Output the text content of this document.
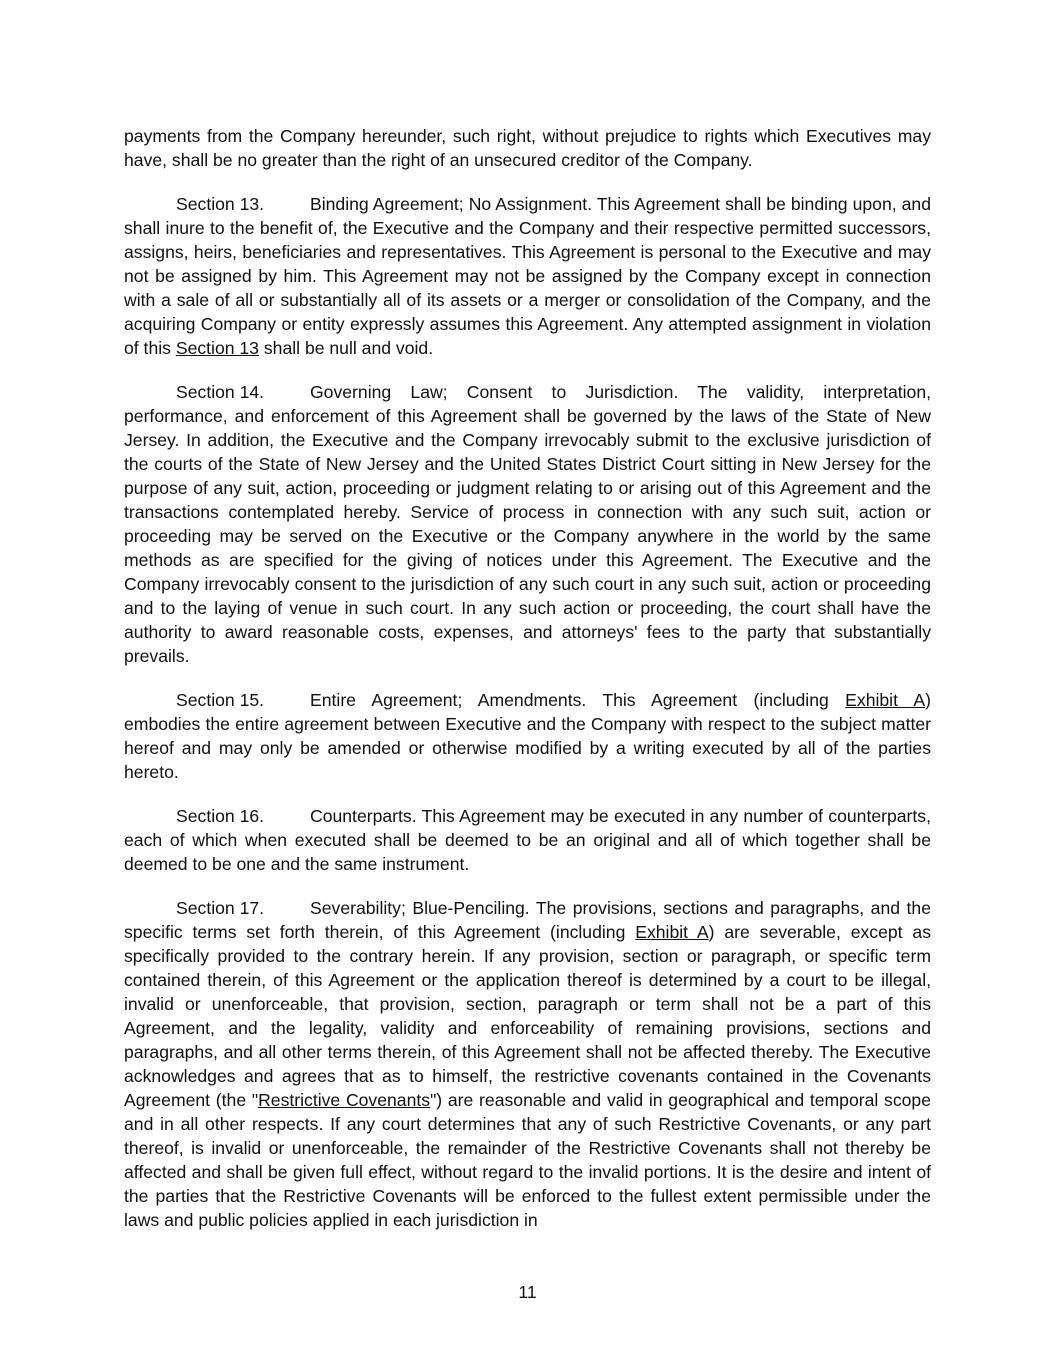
payments from the Company hereunder, such right, without prejudice to rights which Executives may have, shall be no greater than the right of an unsecured creditor of the Company.

Section 13.	Binding Agreement; No Assignment. This Agreement shall be binding upon, and shall inure to the benefit of, the Executive and the Company and their respective permitted successors, assigns, heirs, beneficiaries and representatives. This Agreement is personal to the Executive and may not be assigned by him. This Agreement may not be assigned by the Company except in connection with a sale of all or substantially all of its assets or a merger or consolidation of the Company, and the acquiring Company or entity expressly assumes this Agreement. Any attempted assignment in violation of this Section 13 shall be null and void.

Section 14.	Governing Law; Consent to Jurisdiction. The validity, interpretation, performance, and enforcement of this Agreement shall be governed by the laws of the State of New Jersey. In addition, the Executive and the Company irrevocably submit to the exclusive jurisdiction of the courts of the State of New Jersey and the United States District Court sitting in New Jersey for the purpose of any suit, action, proceeding or judgment relating to or arising out of this Agreement and the transactions contemplated hereby. Service of process in connection with any such suit, action or proceeding may be served on the Executive or the Company anywhere in the world by the same methods as are specified for the giving of notices under this Agreement. The Executive and the Company irrevocably consent to the jurisdiction of any such court in any such suit, action or proceeding and to the laying of venue in such court. In any such action or proceeding, the court shall have the authority to award reasonable costs, expenses, and attorneys' fees to the party that substantially prevails.

Section 15.	Entire Agreement; Amendments. This Agreement (including Exhibit A) embodies the entire agreement between Executive and the Company with respect to the subject matter hereof and may only be amended or otherwise modified by a writing executed by all of the parties hereto.

Section 16.	Counterparts. This Agreement may be executed in any number of counterparts, each of which when executed shall be deemed to be an original and all of which together shall be deemed to be one and the same instrument.

Section 17.	Severability; Blue-Penciling. The provisions, sections and paragraphs, and the specific terms set forth therein, of this Agreement (including Exhibit A) are severable, except as specifically provided to the contrary herein. If any provision, section or paragraph, or specific term contained therein, of this Agreement or the application thereof is determined by a court to be illegal, invalid or unenforceable, that provision, section, paragraph or term shall not be a part of this Agreement, and the legality, validity and enforceability of remaining provisions, sections and paragraphs, and all other terms therein, of this Agreement shall not be affected thereby. The Executive acknowledges and agrees that as to himself, the restrictive covenants contained in the Covenants Agreement (the "Restrictive Covenants") are reasonable and valid in geographical and temporal scope and in all other respects. If any court determines that any of such Restrictive Covenants, or any part thereof, is invalid or unenforceable, the remainder of the Restrictive Covenants shall not thereby be affected and shall be given full effect, without regard to the invalid portions. It is the desire and intent of the parties that the Restrictive Covenants will be enforced to the fullest extent permissible under the laws and public policies applied in each jurisdiction in

11
